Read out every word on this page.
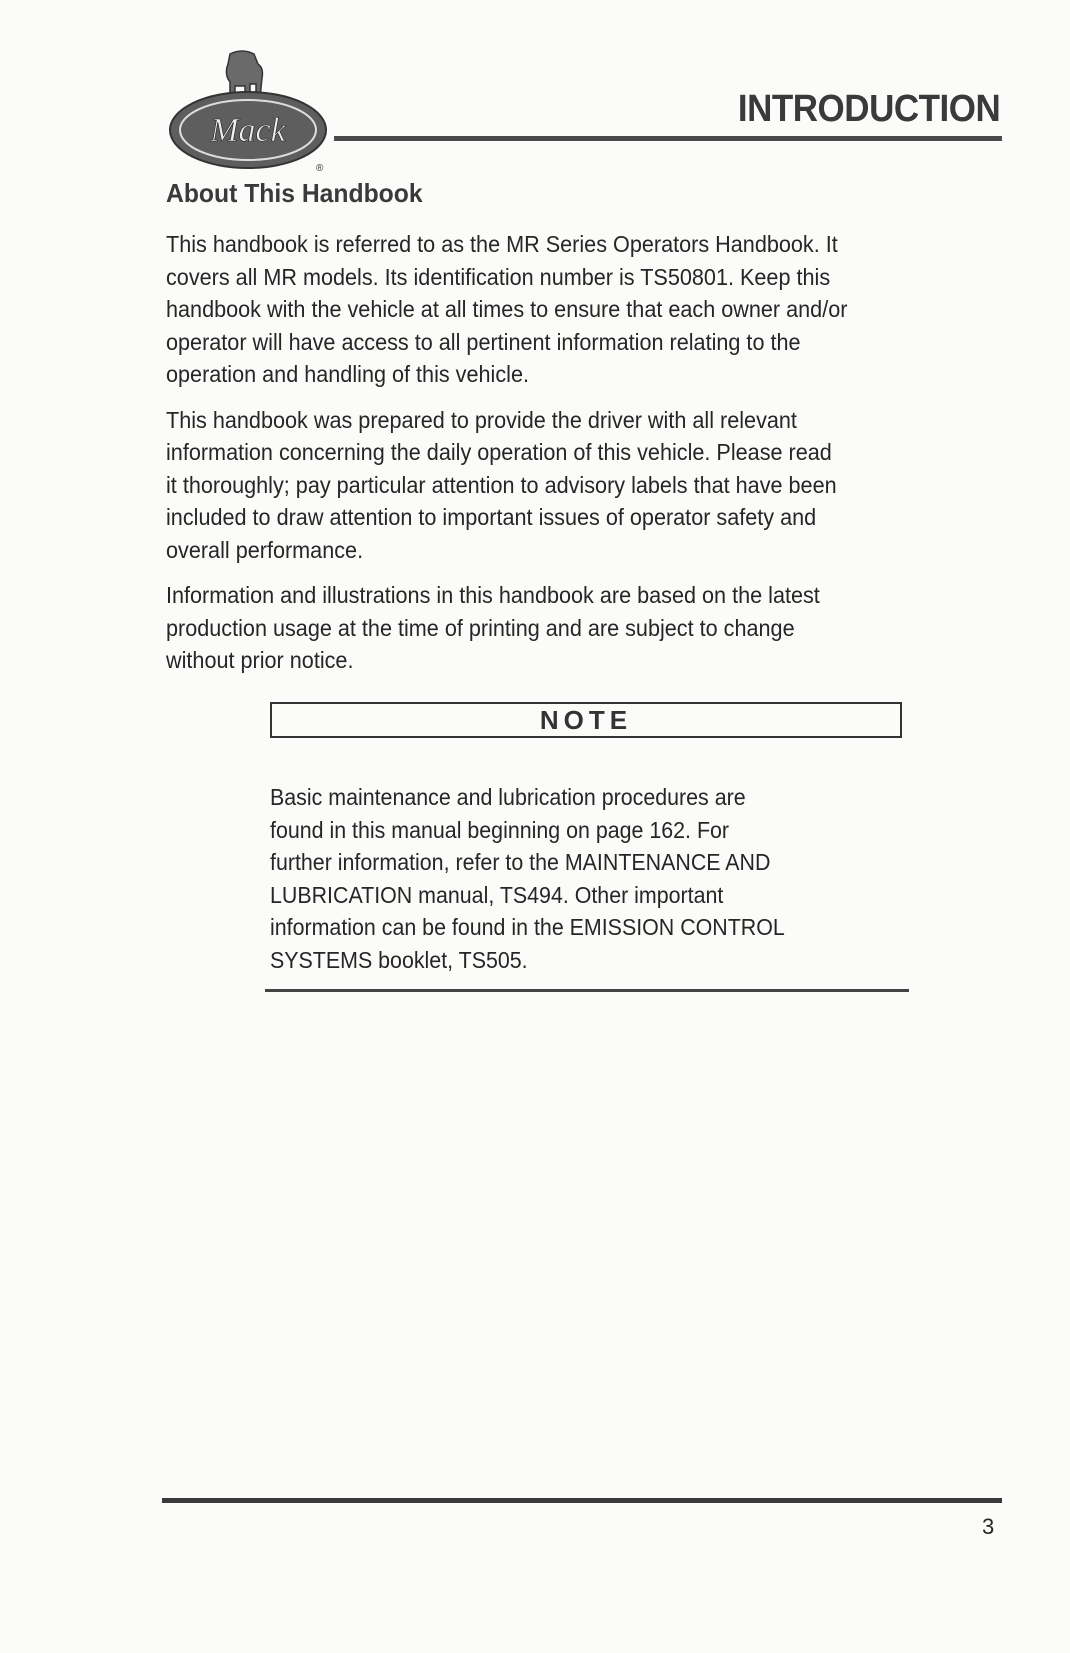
Mack
®
INTRODUCTION
About This Handbook

This handbook is referred to as the MR Series Operators Handbook. It
covers all MR models. Its identification number is TS50801. Keep this
handbook with the vehicle at all times to ensure that each owner and/or
operator will have access to all pertinent information relating to the
operation and handling of this vehicle.

This handbook was prepared to provide the driver with all relevant
information concerning the daily operation of this vehicle. Please read
it thoroughly; pay particular attention to advisory labels that have been
included to draw attention to important issues of operator safety and
overall performance.

Information and illustrations in this handbook are based on the latest
production usage at the time of printing and are subject to change
without prior notice.

NOTE
Basic maintenance and lubrication procedures are
found in this manual beginning on page 162. For
further information, refer to the MAINTENANCE AND
LUBRICATION manual, TS494. Other important
information can be found in the EMISSION CONTROL
SYSTEMS booklet, TS505.
3
